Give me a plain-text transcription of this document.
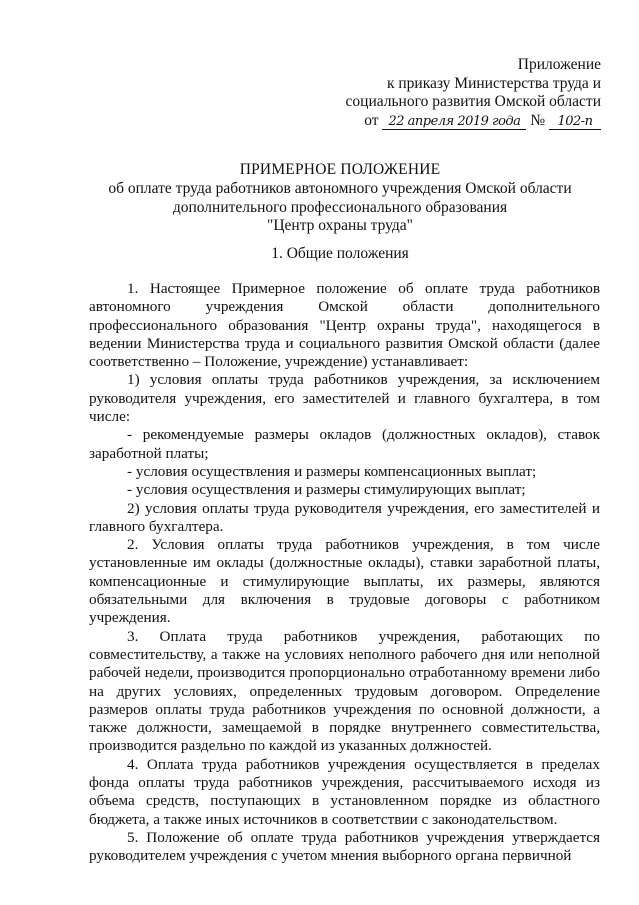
Приложение
к приказу Министерства труда и
социального развития Омской области
от 22 апреля 2019 года № 102-п
ПРИМЕРНОЕ ПОЛОЖЕНИЕ
об оплате труда работников автономного учреждения Омской области
дополнительного профессионального образования
"Центр охраны труда"
1. Общие положения

1. Настоящее Примерное положение об оплате труда работников автономного учреждения Омской области дополнительного профессионального образования "Центр охраны труда", находящегося в ведении Министерства труда и социального развития Омской области (далее соответственно – Положение, учреждение) устанавливает:

1) условия оплаты труда работников учреждения, за исключением руководителя учреждения, его заместителей и главного бухгалтера, в том числе:

- рекомендуемые размеры окладов (должностных окладов), ставок заработной платы;

- условия осуществления и размеры компенсационных выплат;

- условия осуществления и размеры стимулирующих выплат;

2) условия оплаты труда руководителя учреждения, его заместителей и главного бухгалтера.

2. Условия оплаты труда работников учреждения, в том числе установленные им оклады (должностные оклады), ставки заработной платы, компенсационные и стимулирующие выплаты, их размеры, являются обязательными для включения в трудовые договоры с работником учреждения.

3. Оплата труда работников учреждения, работающих по совместительству, а также на условиях неполного рабочего дня или неполной рабочей недели, производится пропорционально отработанному времени либо на других условиях, определенных трудовым договором. Определение размеров оплаты труда работников учреждения по основной должности, а также должности, замещаемой в порядке внутреннего совместительства, производится раздельно по каждой из указанных должностей.

4. Оплата труда работников учреждения осуществляется в пределах фонда оплаты труда работников учреждения, рассчитываемого исходя из объема средств, поступающих в установленном порядке из областного бюджета, а также иных источников в соответствии с законодательством.

5. Положение об оплате труда работников учреждения утверждается руководителем учреждения с учетом мнения выборного органа первичной
